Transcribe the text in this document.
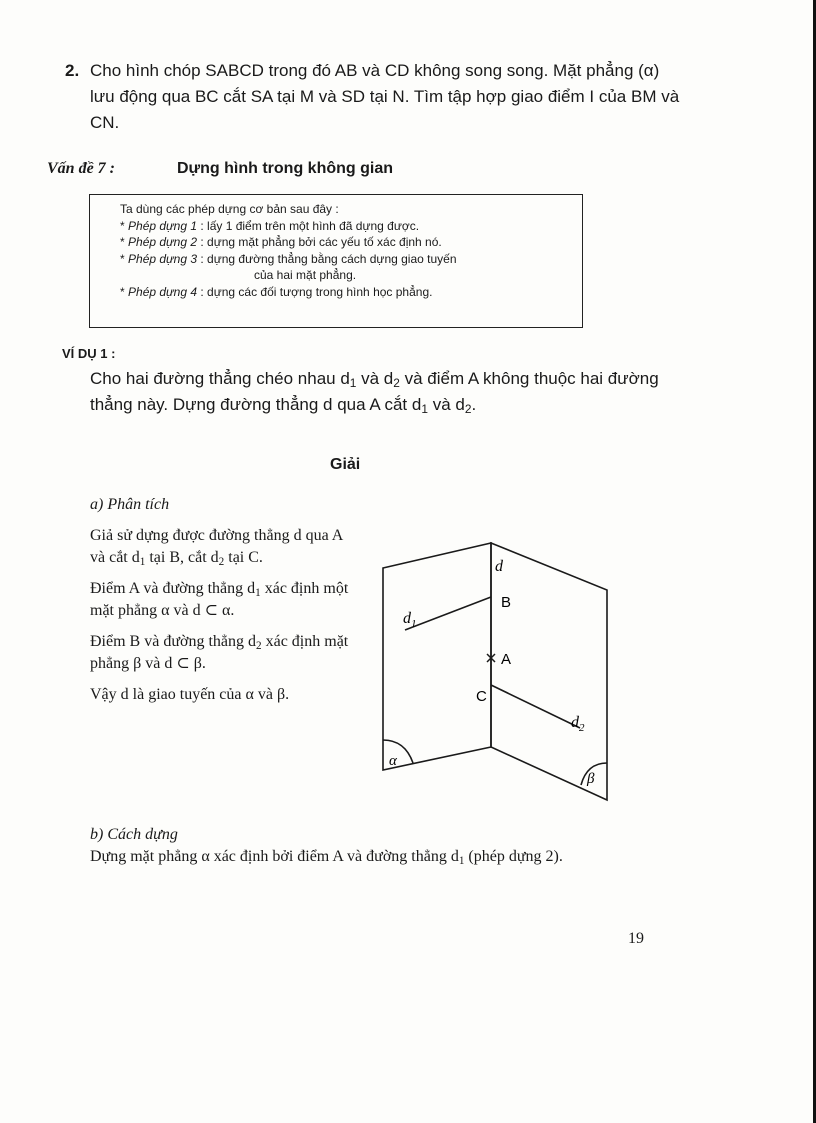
2. Cho hình chóp SABCD trong đó AB và CD không song song. Mặt phẳng (α) lưu động qua BC cắt SA tại M và SD tại N. Tìm tập hợp giao điểm I của BM và CN.
Vấn đề 7 :	Dựng hình trong không gian
Ta dùng các phép dựng cơ bản sau đây :
* Phép dựng 1 : lấy 1 điểm trên một hình đã dựng được.
* Phép dựng 2 : dựng mặt phẳng bởi các yếu tố xác định nó.
* Phép dựng 3 : dựng đường thẳng bằng cách dựng giao tuyến
của hai mặt phẳng.
* Phép dựng 4 : dựng các đối tượng trong hình học phẳng.
VÍ DỤ 1 :
Cho hai đường thẳng chéo nhau $d_1$ và $d_2$ và điểm A không thuộc hai đường thẳng này. Dựng đường thẳng d qua A cắt $d_1$ và $d_2$.
Giải

a) Phân tích

Giả sử dựng được đường thẳng d qua A và cắt $d_1$ tại B, cắt $d_2$ tại C.

Điểm A và đường thẳng $d_1$ xác định một mặt phẳng α và d ⊂ α.

Điểm B và đường thẳng $d_2$ xác định mặt phẳng β và d ⊂ β.

Vậy d là giao tuyến của α và β.

d
$d_1$
$d_2$
B
A
C
α
β
b) Cách dựng
Dựng mặt phẳng α xác định bởi điểm A và đường thẳng $d_1$ (phép dựng 2).
19
